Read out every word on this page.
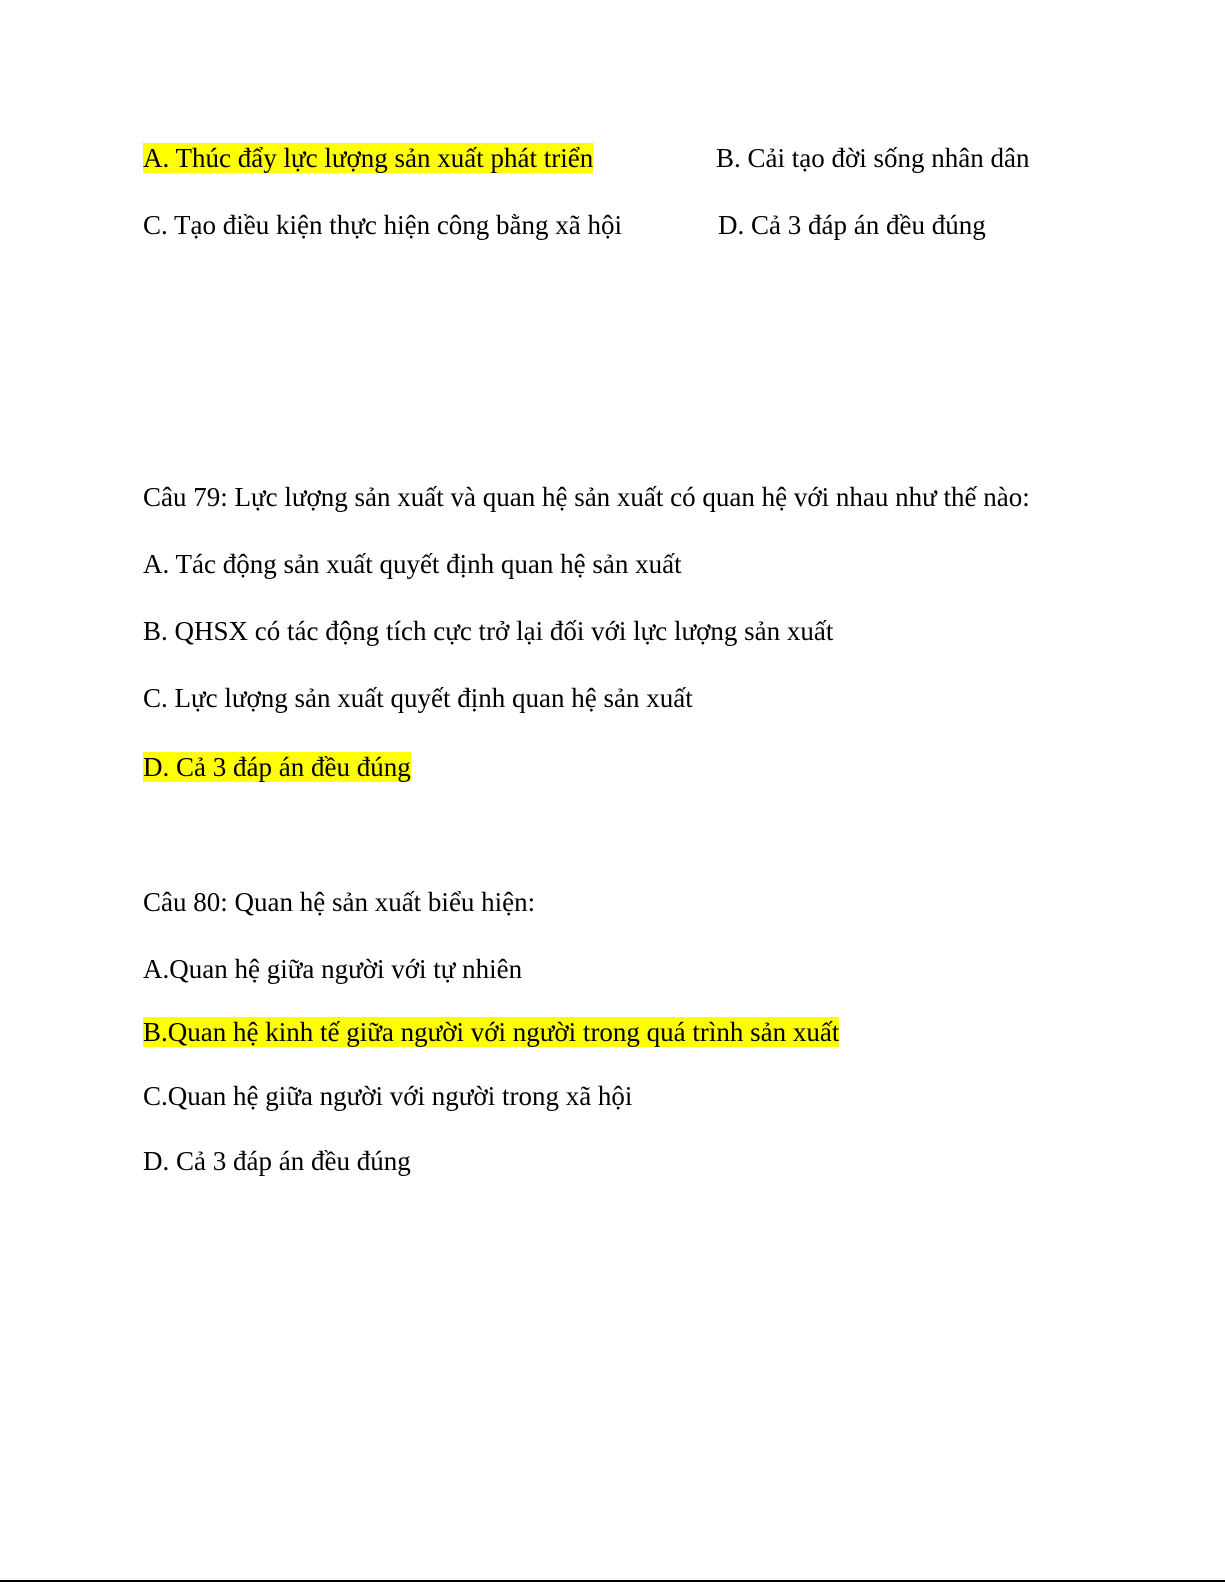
A. Thúc đẩy lực lượng sản xuất phát triển	B. Cải tạo đời sống nhân dân
C. Tạo điều kiện thực hiện công bằng xã hội	D. Cả 3 đáp án đều đúng
Câu 79: Lực lượng sản xuất và quan hệ sản xuất có quan hệ với nhau như thế nào:
A. Tác động sản xuất quyết định quan hệ sản xuất
B. QHSX có tác động tích cực trở lại đối với lực lượng sản xuất
C. Lực lượng sản xuất quyết định quan hệ sản xuất
D. Cả 3 đáp án đều đúng
Câu 80: Quan hệ sản xuất biểu hiện:
A.Quan hệ giữa người với tự nhiên
B.Quan hệ kinh tế giữa người với người trong quá trình sản xuất
C.Quan hệ giữa người với người trong xã hội
D. Cả 3 đáp án đều đúng
